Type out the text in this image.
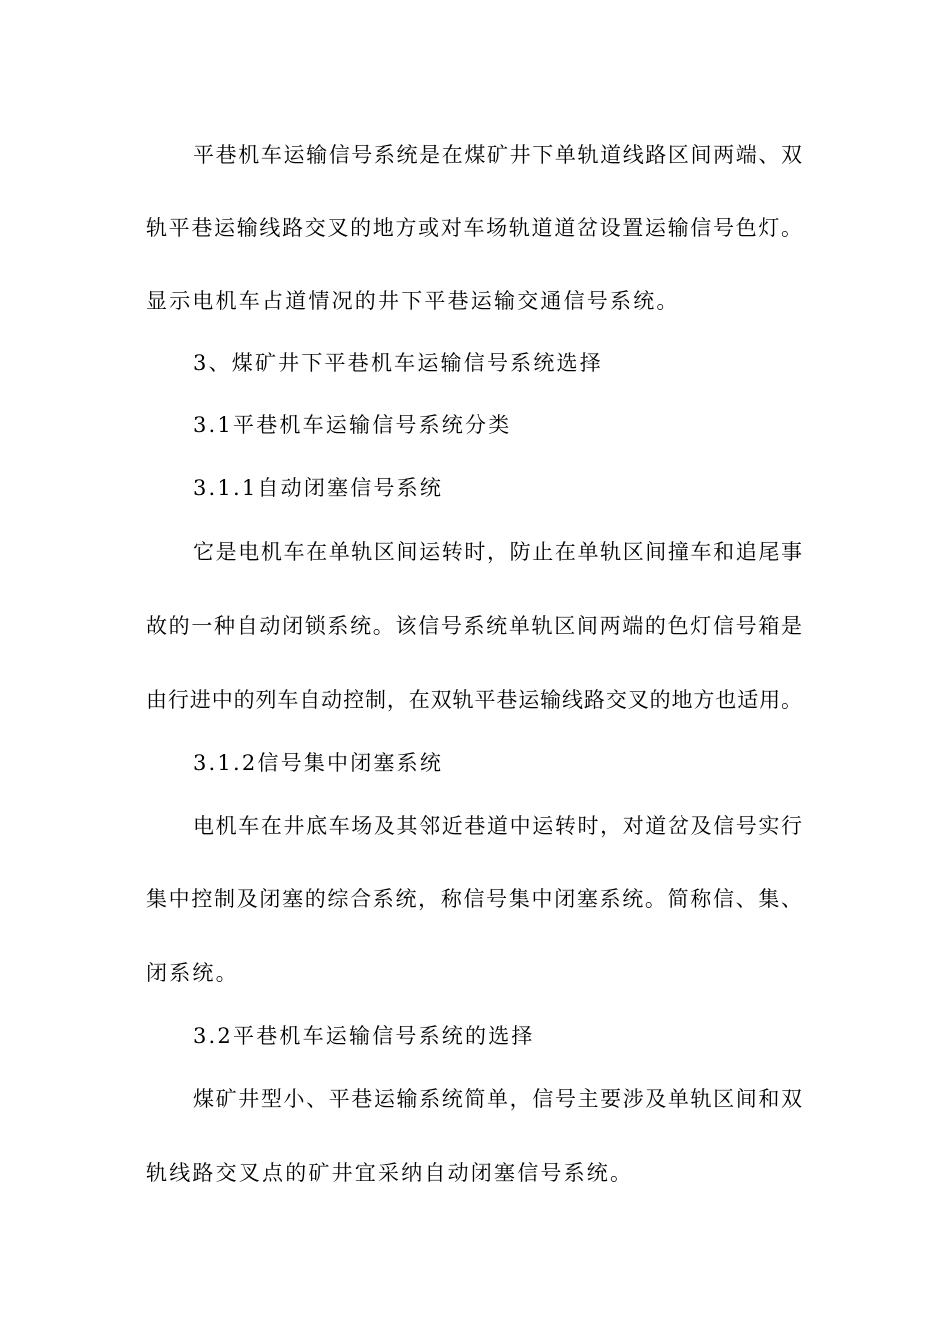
平巷机车运输信号系统是在煤矿井下单轨道线路区间两端、双
轨平巷运输线路交叉的地方或对车场轨道道岔设置运输信号色灯。
显示电机车占道情况的井下平巷运输交通信号系统。
3、煤矿井下平巷机车运输信号系统选择
3.1平巷机车运输信号系统分类
3.1.1自动闭塞信号系统
它是电机车在单轨区间运转时，防止在单轨区间撞车和追尾事
故的一种自动闭锁系统。该信号系统单轨区间两端的色灯信号箱是
由行进中的列车自动控制，在双轨平巷运输线路交叉的地方也适用。
3.1.2信号集中闭塞系统
电机车在井底车场及其邻近巷道中运转时，对道岔及信号实行
集中控制及闭塞的综合系统，称信号集中闭塞系统。简称信、集、
闭系统。
3.2平巷机车运输信号系统的选择
煤矿井型小、平巷运输系统简单，信号主要涉及单轨区间和双
轨线路交叉点的矿井宜采纳自动闭塞信号系统。
